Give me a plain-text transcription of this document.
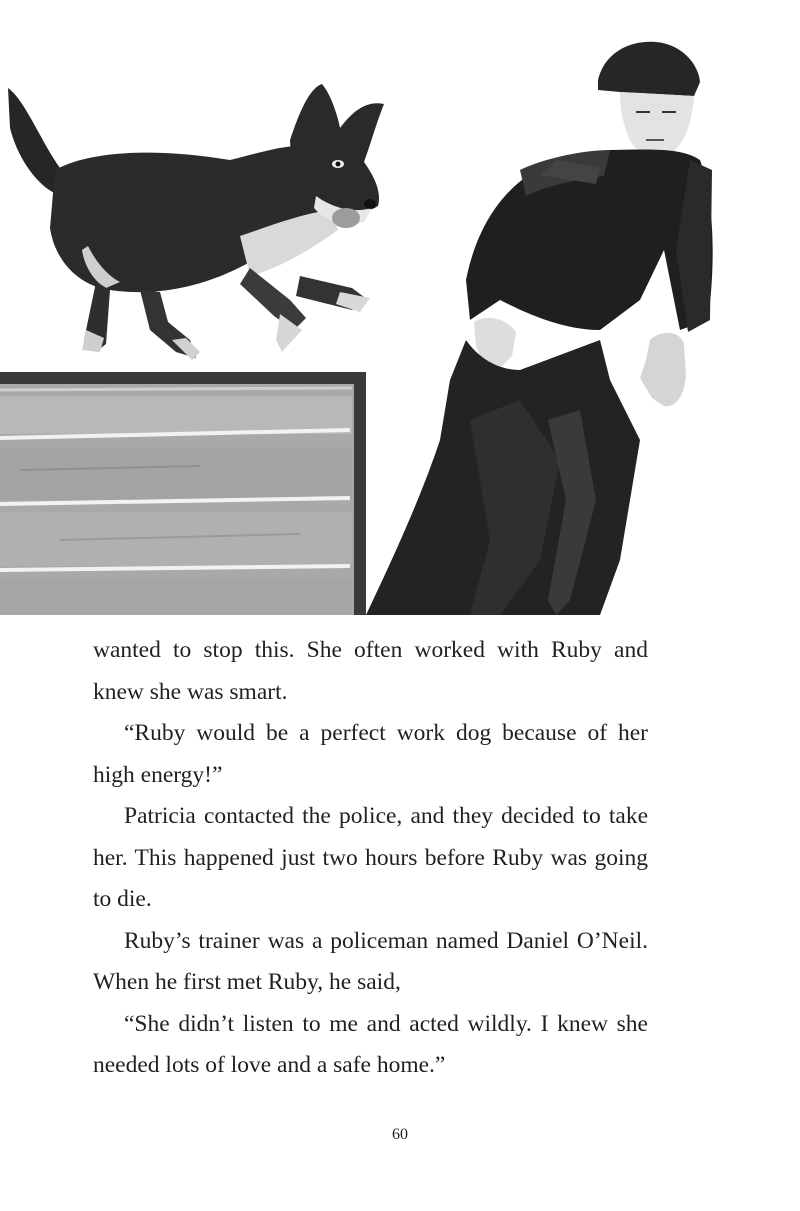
wanted to stop this. She often worked with Ruby and knew she was smart.

“Ruby would be a perfect work dog because of her high energy!”

Patricia contacted the police, and they decided to take her. This happened just two hours before Ruby was going to die.

Ruby’s trainer was a policeman named Daniel O’Neil. When he first met Ruby, he said,

“She didn’t listen to me and acted wildly. I knew she needed lots of love and a safe home.”

60
